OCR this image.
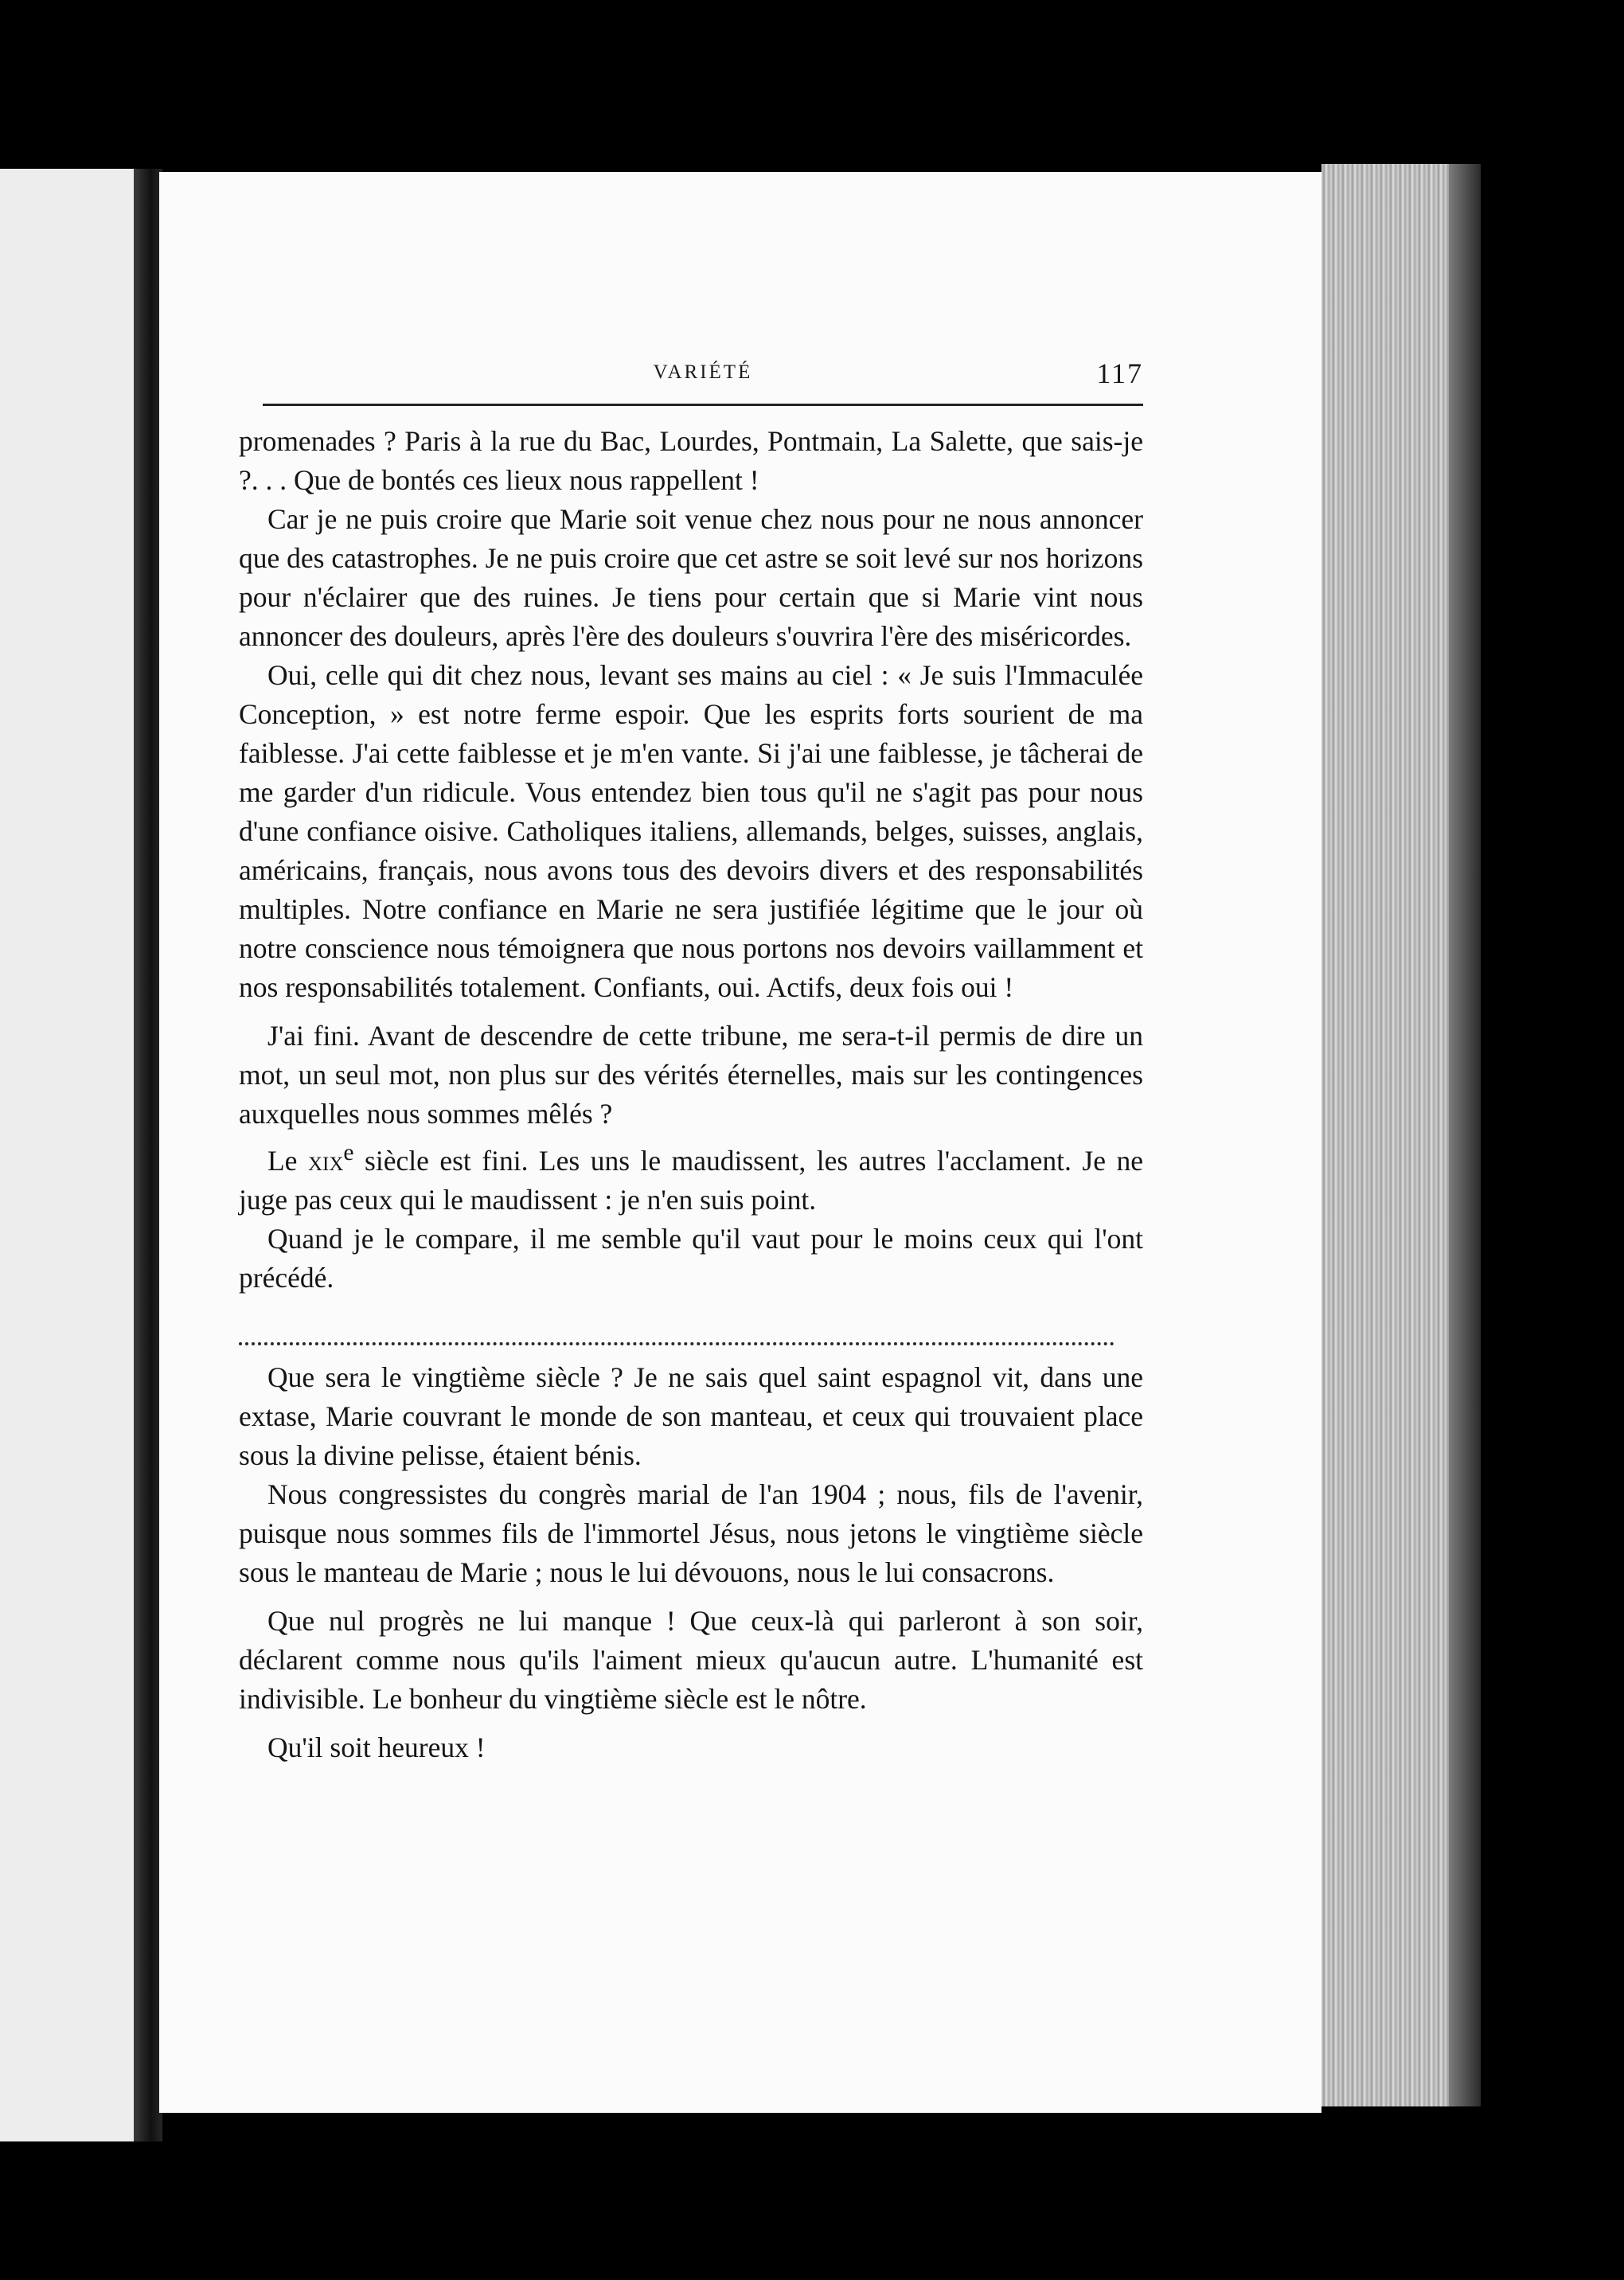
VARIÉTÉ	117

promenades ? Paris à la rue du Bac, Lourdes, Pontmain, La Salette, que sais-je ?. . . Que de bontés ces lieux nous rappellent !

Car je ne puis croire que Marie soit venue chez nous pour ne nous annoncer que des catastrophes. Je ne puis croire que cet astre se soit levé sur nos horizons pour n'éclairer que des ruines. Je tiens pour certain que si Marie vint nous annoncer des douleurs, après l'ère des douleurs s'ouvrira l'ère des miséricordes.

Oui, celle qui dit chez nous, levant ses mains au ciel : « Je suis l'Immaculée Conception, » est notre ferme espoir. Que les esprits forts sourient de ma faiblesse. J'ai cette faiblesse et je m'en vante. Si j'ai une faiblesse, je tâcherai de me garder d'un ridicule. Vous entendez bien tous qu'il ne s'agit pas pour nous d'une confiance oisive. Catholiques italiens, allemands, belges, suisses, anglais, américains, français, nous avons tous des devoirs divers et des responsabilités multiples. Notre confiance en Marie ne sera justifiée légitime que le jour où notre conscience nous témoignera que nous portons nos devoirs vaillamment et nos responsabilités totalement. Confiants, oui. Actifs, deux fois oui !

J'ai fini. Avant de descendre de cette tribune, me sera-t-il permis de dire un mot, un seul mot, non plus sur des vérités éternelles, mais sur les contingences auxquelles nous sommes mêlés ?

Le xix$^e$ siècle est fini. Les uns le maudissent, les autres l'acclament. Je ne juge pas ceux qui le maudissent : je n'en suis point.

Quand je le compare, il me semble qu'il vaut pour le moins ceux qui l'ont précédé.

Que sera le vingtième siècle ? Je ne sais quel saint espagnol vit, dans une extase, Marie couvrant le monde de son manteau, et ceux qui trouvaient place sous la divine pelisse, étaient bénis.

Nous congressistes du congrès marial de l'an 1904 ; nous, fils de l'avenir, puisque nous sommes fils de l'immortel Jésus, nous jetons le vingtième siècle sous le manteau de Marie ; nous le lui dévouons, nous le lui consacrons.

Que nul progrès ne lui manque ! Que ceux-là qui parleront à son soir, déclarent comme nous qu'ils l'aiment mieux qu'aucun autre. L'humanité est indivisible. Le bonheur du vingtième siècle est le nôtre.

Qu'il soit heureux !
